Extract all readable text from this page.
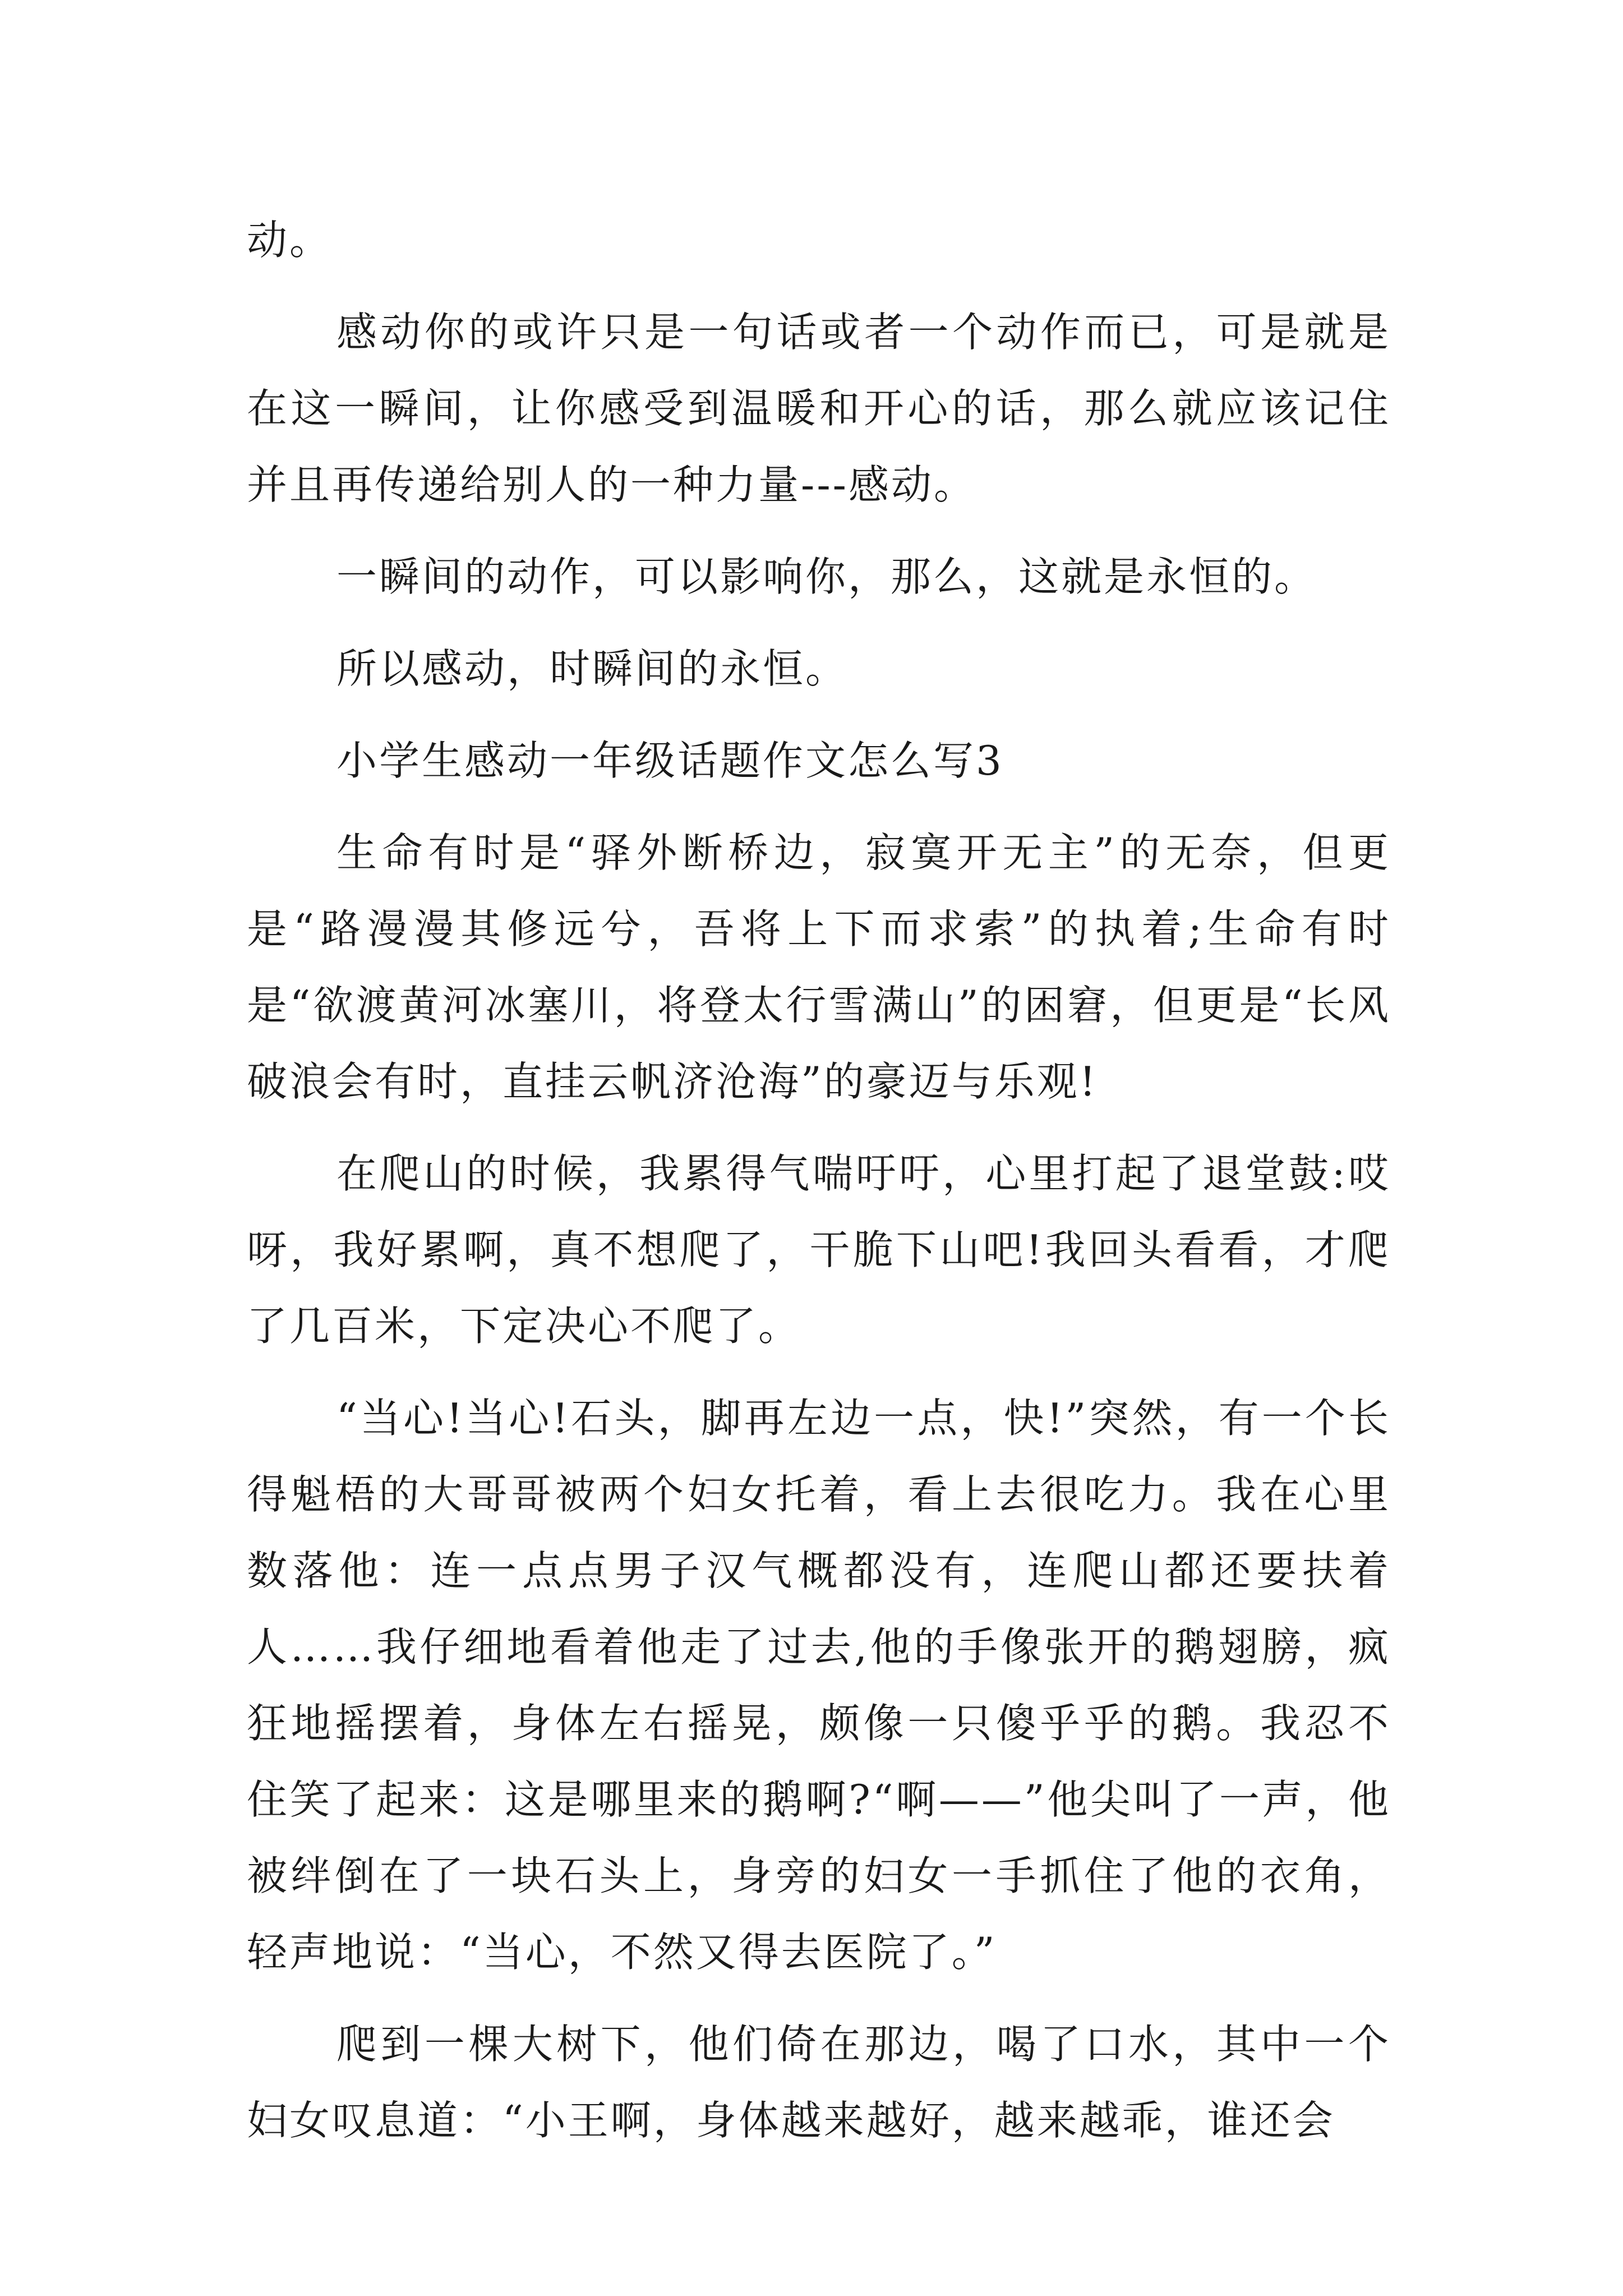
动。

感动你的或许只是一句话或者一个动作而已，可是就是在这一瞬间，让你感受到温暖和开心的话，那么就应该记住并且再传递给别人的一种力量---感动。

一瞬间的动作，可以影响你，那么，这就是永恒的。

所以感动，时瞬间的永恒。

小学生感动一年级话题作文怎么写3

生命有时是“驿外断桥边，寂寞开无主”的无奈，但更是“路漫漫其修远兮，吾将上下而求索”的执着;生命有时是“欲渡黄河冰塞川，将登太行雪满山”的困窘，但更是“长风破浪会有时，直挂云帆济沧海”的豪迈与乐观!

在爬山的时候，我累得气喘吁吁，心里打起了退堂鼓:哎呀，我好累啊，真不想爬了，干脆下山吧!我回头看看，才爬了几百米，下定决心不爬了。

“当心!当心!石头，脚再左边一点，快!”突然，有一个长得魁梧的大哥哥被两个妇女托着，看上去很吃力。我在心里数落他：连一点点男子汉气概都没有，连爬山都还要扶着人……我仔细地看着他走了过去,他的手像张开的鹅翅膀，疯狂地摇摆着，身体左右摇晃，颇像一只傻乎乎的鹅。我忍不住笑了起来：这是哪里来的鹅啊?“啊——”他尖叫了一声，他被绊倒在了一块石头上，身旁的妇女一手抓住了他的衣角，轻声地说：“当心，不然又得去医院了。”

爬到一棵大树下，他们倚在那边，喝了口水，其中一个妇女叹息道：“小王啊，身体越来越好，越来越乖，谁还会
